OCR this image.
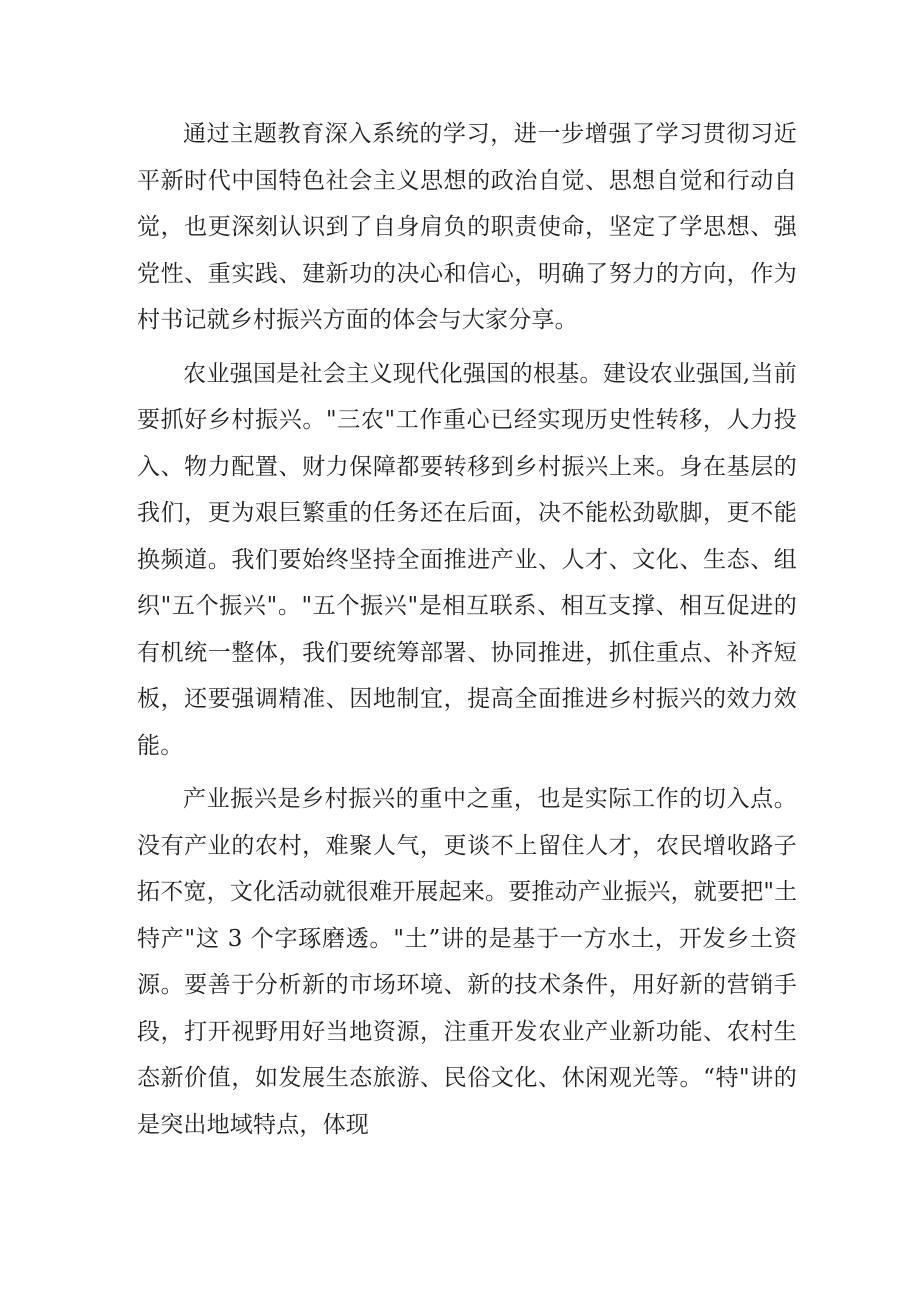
通过主题教育深入系统的学习，进一步增强了学习贯彻习近
平新时代中国特色社会主义思想的政治自觉、思想自觉和行动自
觉，也更深刻认识到了自身肩负的职责使命，坚定了学思想、强
党性、重实践、建新功的决心和信心，明确了努力的方向，作为
村书记就乡村振兴方面的体会与大家分享。
农业强国是社会主义现代化强国的根基。建设农业强国,当前
要抓好乡村振兴。"三农"工作重心已经实现历史性转移，人力投
入、物力配置、财力保障都要转移到乡村振兴上来。身在基层的
我们，更为艰巨繁重的任务还在后面，决不能松劲歇脚，更不能
换频道。我们要始终坚持全面推进产业、人才、文化、生态、组
织"五个振兴"。"五个振兴"是相互联系、相互支撑、相互促进的
有机统一整体，我们要统筹部署、协同推进，抓住重点、补齐短
板，还要强调精准、因地制宜，提高全面推进乡村振兴的效力效
能。
产业振兴是乡村振兴的重中之重，也是实际工作的切入点。
没有产业的农村，难聚人气，更谈不上留住人才，农民增收路子
拓不宽，文化活动就很难开展起来。要推动产业振兴，就要把"土
特产"这 3 个字琢磨透。"土”讲的是基于一方水土，开发乡土资
源。要善于分析新的市场环境、新的技术条件，用好新的营销手
段，打开视野用好当地资源，注重开发农业产业新功能、农村生
态新价值，如发展生态旅游、民俗文化、休闲观光等。“特"讲的
是突出地域特点，体现
